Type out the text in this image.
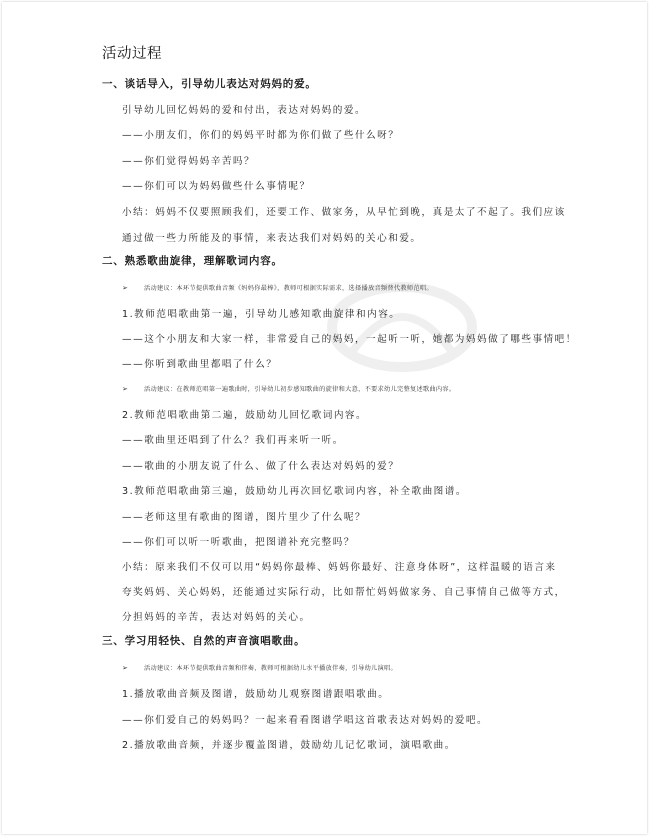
活动过程
一、谈话导入，引导幼儿表达对妈妈的爱。
引导幼儿回忆妈妈的爱和付出，表达对妈妈的爱。
——小朋友们，你们的妈妈平时都为你们做了些什么呀？
——你们觉得妈妈辛苦吗？
——你们可以为妈妈做些什么事情呢？
小结：妈妈不仅要照顾我们，还要工作、做家务，从早忙到晚，真是太了不起了。我们应该
通过做一些力所能及的事情，来表达我们对妈妈的关心和爱。
二、熟悉歌曲旋律，理解歌词内容。
➢	活动建议：本环节提供歌曲音频《妈妈你最棒》，教师可根据实际需求，选择播放音频替代教师范唱。
1.教师范唱歌曲第一遍，引导幼儿感知歌曲旋律和内容。
——这个小朋友和大家一样，非常爱自己的妈妈，一起听一听，她都为妈妈做了哪些事情吧！
——你听到歌曲里都唱了什么？
➢	活动建议：在教师范唱第一遍歌曲时，引导幼儿初步感知歌曲的旋律和大意，不要求幼儿完整复述歌曲内容。
2.教师范唱歌曲第二遍，鼓励幼儿回忆歌词内容。
——歌曲里还唱到了什么？我们再来听一听。
——歌曲的小朋友说了什么、做了什么表达对妈妈的爱？
3.教师范唱歌曲第三遍，鼓励幼儿再次回忆歌词内容，补全歌曲图谱。
——老师这里有歌曲的图谱，图片里少了什么呢？
——你们可以听一听歌曲，把图谱补充完整吗？
小结：原来我们不仅可以用“妈妈你最棒、妈妈你最好、注意身体呀”，这样温暖的语言来
夸奖妈妈、关心妈妈，还能通过实际行动，比如帮忙妈妈做家务、自己事情自己做等方式，
分担妈妈的辛苦，表达对妈妈的关心。
三、学习用轻快、自然的声音演唱歌曲。
➢	活动建议：本环节提供歌曲音频和伴奏，教师可根据幼儿水平播放伴奏，引导幼儿演唱。
1.播放歌曲音频及图谱，鼓励幼儿观察图谱跟唱歌曲。
——你们爱自己的妈妈吗？一起来看看图谱学唱这首歌表达对妈妈的爱吧。
2.播放歌曲音频，并逐步覆盖图谱，鼓励幼儿记忆歌词，演唱歌曲。
